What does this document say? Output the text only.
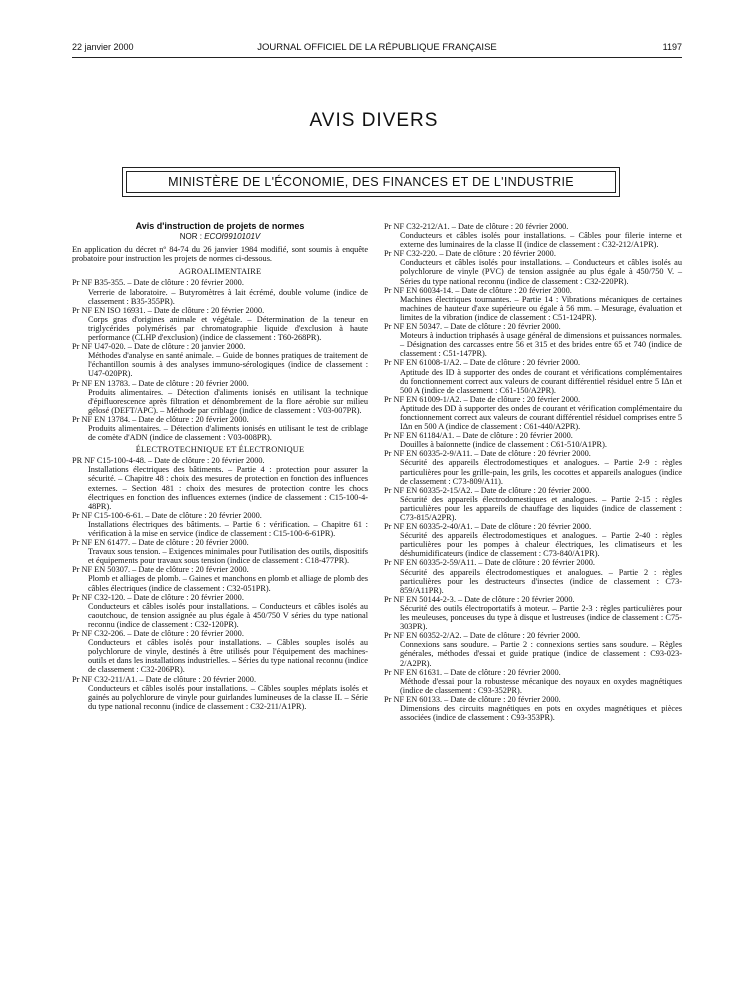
22 janvier 2000	JOURNAL OFFICIEL DE LA RÉPUBLIQUE FRANÇAISE	1197
AVIS DIVERS
MINISTÈRE DE L'ÉCONOMIE, DES FINANCES ET DE L'INDUSTRIE

Avis d'instruction de projets de normes

NOR : ECOI9910101V

En application du décret nº 84-74 du 26 janvier 1984 modifié, sont soumis à enquête probatoire pour instruction les projets de normes ci-dessous.

AGROALIMENTAIRE

Pr NF B35-355. – Date de clôture : 20 février 2000.

Verrerie de laboratoire. – Butyromètres à lait écrémé, double volume (indice de classement : B35-355PR).

Pr NF EN ISO 16931. – Date de clôture : 20 février 2000.

Corps gras d'origines animale et végétale. – Détermination de la teneur en triglycérides polymérisés par chromatographie liquide d'exclusion à haute performance (CLHP d'exclusion) (indice de classement : T60-268PR).

Pr NF U47-020. – Date de clôture : 20 janvier 2000.

Méthodes d'analyse en santé animale. – Guide de bonnes pratiques de traitement de l'échantillon soumis à des analyses immuno-sérologiques (indice de classement : U47-020PR).

Pr NF EN 13783. – Date de clôture : 20 février 2000.

Produits alimentaires. – Détection d'aliments ionisés en utilisant la technique d'épifluorescence après filtration et dénombrement de la flore aérobie sur milieu gélosé (DEFT/APC). – Méthode par criblage (indice de classement : V03-007PR).

Pr NF EN 13784. – Date de clôture : 20 février 2000.

Produits alimentaires. – Détection d'aliments ionisés en utilisant le test de criblage de comète d'ADN (indice de classement : V03-008PR).

ÉLECTROTECHNIQUE ET ÉLECTRONIQUE

PR NF C15-100-4-48. – Date de clôture : 20 février 2000.

Installations électriques des bâtiments. – Partie 4 : protection pour assurer la sécurité. – Chapitre 48 : choix des mesures de protection en fonction des influences externes. – Section 481 : choix des mesures de protection contre les chocs électriques en fonction des influences externes (indice de classement : C15-100-4-48PR).

Pr NF C15-100-6-61. – Date de clôture : 20 février 2000.

Installations électriques des bâtiments. – Partie 6 : vérification. – Chapitre 61 : vérification à la mise en service (indice de classement : C15-100-6-61PR).

Pr NF EN 61477. – Date de clôture : 20 février 2000.

Travaux sous tension. – Exigences minimales pour l'utilisation des outils, dispositifs et équipements pour travaux sous tension (indice de classement : C18-477PR).

Pr NF EN 50307. – Date de clôture : 20 février 2000.

Plomb et alliages de plomb. – Gaines et manchons en plomb et alliage de plomb des câbles électriques (indice de classement : C32-051PR).

Pr NF C32-120. – Date de clôture : 20 février 2000.

Conducteurs et câbles isolés pour installations. – Conducteurs et câbles isolés au caoutchouc, de tension assignée au plus égale à 450/750 V séries du type national reconnu (indice de classement : C32-120PR).

Pr NF C32-206. – Date de clôture : 20 février 2000.

Conducteurs et câbles isolés pour installations. – Câbles souples isolés au polychlorure de vinyle, destinés à être utilisés pour l'équipement des machines-outils et dans les installations industrielles. – Séries du type national reconnu (indice de classement : C32-206PR).

Pr NF C32-211/A1. – Date de clôture : 20 février 2000.

Conducteurs et câbles isolés pour installations. – Câbles souples méplats isolés et gainés au polychlorure de vinyle pour guirlandes lumineuses de la classe II. – Série du type national reconnu (indice de classement : C32-211/A1PR).

Pr NF C32-212/A1. – Date de clôture : 20 février 2000.

Conducteurs et câbles isolés pour installations. – Câbles pour filerie interne et externe des luminaires de la classe II (indice de classement : C32-212/A1PR).

Pr NF C32-220. – Date de clôture : 20 février 2000.

Conducteurs et câbles isolés pour installations. – Conducteurs et câbles isolés au polychlorure de vinyle (PVC) de tension assignée au plus égale à 450/750 V. – Séries du type national reconnu (indice de classement : C32-220PR).

Pr NF EN 60034-14. – Date de clôture : 20 février 2000.

Machines électriques tournantes. – Partie 14 : Vibrations mécaniques de certaines machines de hauteur d'axe supérieure ou égale à 56 mm. – Mesurage, évaluation et limites de la vibration (indice de classement : C51-124PR).

Pr NF EN 50347. – Date de clôture : 20 février 2000.

Moteurs à induction triphasés à usage général de dimensions et puissances normales. – Désignation des carcasses entre 56 et 315 et des brides entre 65 et 740 (indice de classement : C51-147PR).

Pr NF EN 61008-1/A2. – Date de clôture : 20 février 2000.

Aptitude des ID à supporter des ondes de courant et vérifications complémentaires du fonctionnement correct aux valeurs de courant différentiel résiduel entre 5 IΔn et 500 A (indice de classement : C61-150/A2PR).

Pr NF EN 61009-1/A2. – Date de clôture : 20 février 2000.

Aptitude des DD à supporter des ondes de courant et vérification complémentaire du fonctionnement correct aux valeurs de courant différentiel résiduel comprises entre 5 IΔn en 500 A (indice de classement : C61-440/A2PR).

Pr NF EN 61184/A1. – Date de clôture : 20 février 2000.

Douilles à baïonnette (indice de classement : C61-510/A1PR).

Pr NF EN 60335-2-9/A11. – Date de clôture : 20 février 2000.

Sécurité des appareils électrodomestiques et analogues. – Partie 2-9 : règles particulières pour les grille-pain, les grils, les cocottes et appareils analogues (indice de classement : C73-809/A11).

Pr NF EN 60335-2-15/A2. – Date de clôture : 20 février 2000.

Sécurité des appareils électrodomestiques et analogues. – Partie 2-15 : règles particulières pour les appareils de chauffage des liquides (indice de classement : C73-815/A2PR).

Pr NF EN 60335-2-40/A1. – Date de clôture : 20 février 2000.

Sécurité des appareils électrodomestiques et analogues. – Partie 2-40 : règles particulières pour les pompes à chaleur électriques, les climatiseurs et les déshumidificateurs (indice de classement : C73-840/A1PR).

Pr NF EN 60335-2-59/A11. – Date de clôture : 20 février 2000.

Sécurité des appareils électrodomestiques et analogues. – Partie 2 : règles particulières pour les destructeurs d'insectes (indice de classement : C73-859/A11PR).

Pr NF EN 50144-2-3. – Date de clôture : 20 février 2000.

Sécurité des outils électroportatifs à moteur. – Partie 2-3 : règles particulières pour les meuleuses, ponceuses du type à disque et lustreuses (indice de classement : C75-303PR).

Pr NF EN 60352-2/A2. – Date de clôture : 20 février 2000.

Connexions sans soudure. – Partie 2 : connexions serties sans soudure. – Règles générales, méthodes d'essai et guide pratique (indice de classement : C93-023-2/A2PR).

Pr NF EN 61631. – Date de clôture : 20 février 2000.

Méthode d'essai pour la robustesse mécanique des noyaux en oxydes magnétiques (indice de classement : C93-352PR).

Pr NF EN 60133. – Date de clôture : 20 février 2000.

Dimensions des circuits magnétiques en pots en oxydes magnétiques et pièces associées (indice de classement : C93-353PR).
